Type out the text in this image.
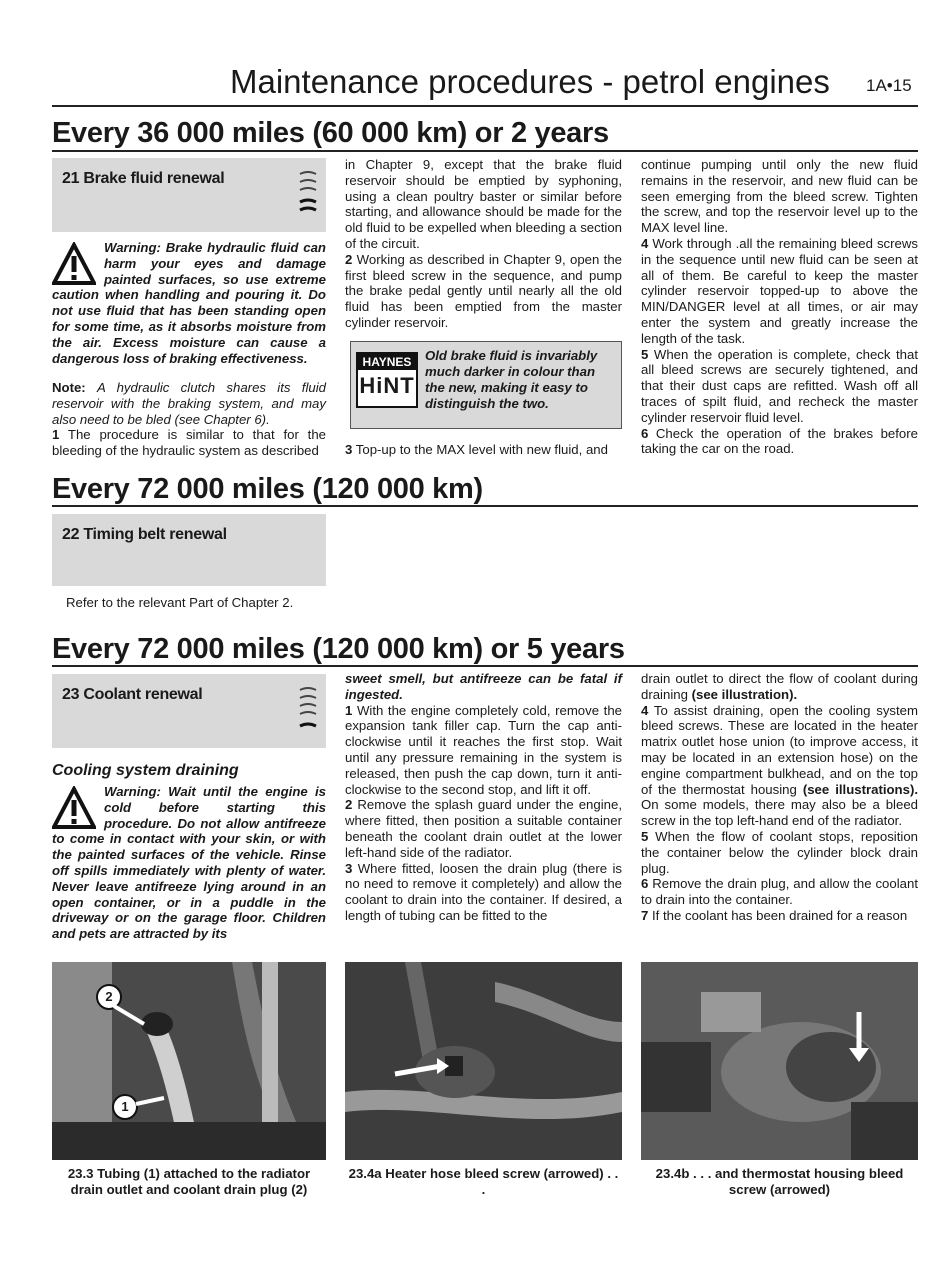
Maintenance procedures - petrol engines	1A•15
Every 36 000 miles (60 000 km) or 2 years
21 Brake fluid renewal
Warning: Brake hydraulic fluid can harm your eyes and damage painted surfaces, so use extreme caution when handling and pouring it. Do not use fluid that has been standing open for some time, as it absorbs moisture from the air. Excess moisture can cause a dangerous loss of braking effectiveness.

Note: A hydraulic clutch shares its fluid reservoir with the braking system, and may also need to be bled (see Chapter 6).

1 The procedure is similar to that for the bleeding of the hydraulic system as described

in Chapter 9, except that the brake fluid reservoir should be emptied by syphoning, using a clean poultry baster or similar before starting, and allowance should be made for the old fluid to be expelled when bleeding a section of the circuit.

2 Working as described in Chapter 9, open the first bleed screw in the sequence, and pump the brake pedal gently until nearly all the old fluid has been emptied from the master cylinder reservoir.

HAYNES
HiNT
Old brake fluid is invariably much darker in colour than the new, making it easy to distinguish the two.

3 Top-up to the MAX level with new fluid, and

continue pumping until only the new fluid remains in the reservoir, and new fluid can be seen emerging from the bleed screw. Tighten the screw, and top the reservoir level up to the MAX level line.

4 Work through .all the remaining bleed screws in the sequence until new fluid can be seen at all of them. Be careful to keep the master cylinder reservoir topped-up to above the MIN/DANGER level at all times, or air may enter the system and greatly increase the length of the task.

5 When the operation is complete, check that all bleed screws are securely tightened, and that their dust caps are refitted. Wash off all traces of spilt fluid, and recheck the master cylinder reservoir fluid level.

6 Check the operation of the brakes before taking the car on the road.

Every 72 000 miles (120 000 km)
22 Timing belt renewal
Refer to the relevant Part of Chapter 2.
Every 72 000 miles (120 000 km) or 5 years
23 Coolant renewal
Cooling system draining
Warning: Wait until the engine is cold before starting this procedure. Do not allow antifreeze to come in contact with your skin, or with the painted surfaces of the vehicle. Rinse off spills immediately with plenty of water. Never leave antifreeze lying around in an open container, or in a puddle in the driveway or on the garage floor. Children and pets are attracted by its

sweet smell, but antifreeze can be fatal if ingested.

1 With the engine completely cold, remove the expansion tank filler cap. Turn the cap anti-clockwise until it reaches the first stop. Wait until any pressure remaining in the system is released, then push the cap down, turn it anti-clockwise to the second stop, and lift it off.

2 Remove the splash guard under the engine, where fitted, then position a suitable container beneath the coolant drain outlet at the lower left-hand side of the radiator.

3 Where fitted, loosen the drain plug (there is no need to remove it completely) and allow the coolant to drain into the container. If desired, a length of tubing can be fitted to the

drain outlet to direct the flow of coolant during draining (see illustration).

4 To assist draining, open the cooling system bleed screws. These are located in the heater matrix outlet hose union (to improve access, it may be located in an extension hose) on the engine compartment bulkhead, and on the top of the thermostat housing (see illustrations). On some models, there may also be a bleed screw in the top left-hand end of the radiator.

5 When the flow of coolant stops, reposition the container below the cylinder block drain plug.

6 Remove the drain plug, and allow the coolant to drain into the container.

7 If the coolant has been drained for a reason

2
1
23.3 Tubing (1) attached to the radiator drain outlet and coolant drain plug (2)
23.4a Heater hose bleed screw (arrowed) . . .
23.4b . . . and thermostat housing bleed screw (arrowed)
